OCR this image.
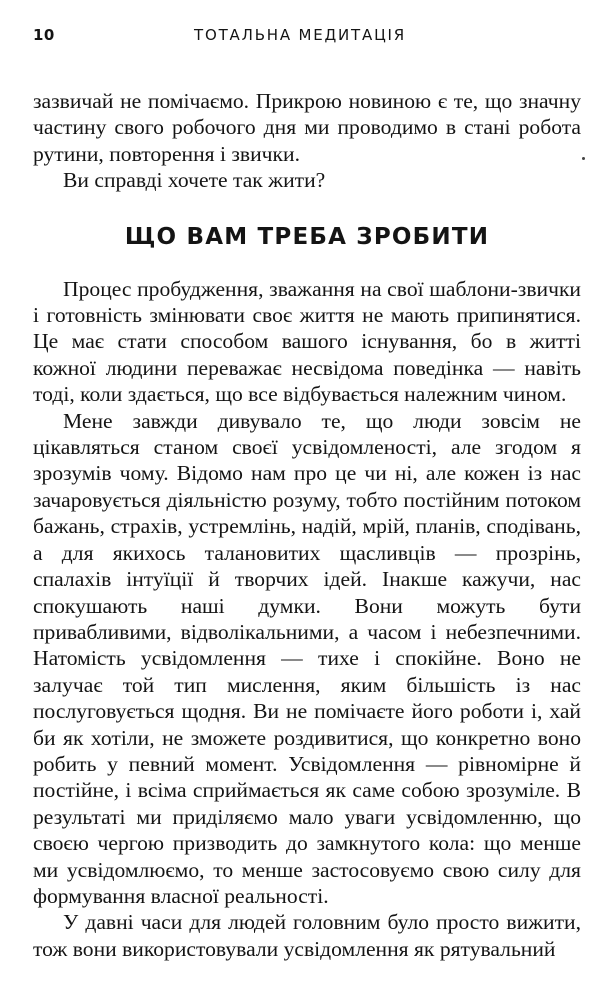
10	ТОТАЛЬНА МЕДИТАЦІЯ

зазвичай не помічаємо. Прикрою новиною є те, що значну частину свого робочого дня ми проводимо в стані робота рутини, повторення і звички.

Ви справді хочете так жити?

ЩО ВАМ ТРЕБА ЗРОБИТИ

Процес пробудження, зважання на свої шаблони-звички і готовність змінювати своє життя не мають припинятися. Це має стати способом вашого існування, бо в житті кожної людини переважає несвідома поведінка — навіть тоді, коли здається, що все відбувається належним чином.

Мене завжди дивувало те, що люди зовсім не цікавляться станом своєї усвідомленості, але згодом я зрозумів чому. Відомо нам про це чи ні, але кожен із нас зачаровується діяльністю розуму, тобто постійним потоком бажань, страхів, устремлінь, надій, мрій, планів, сподівань, а для якихось талановитих щасливців — прозрінь, спалахів інтуїції й творчих ідей. Інакше кажучи, нас спокушають наші думки. Вони можуть бути привабливими, відволікальними, а часом і небезпечними. Натомість усвідомлення — тихе і спокійне. Воно не залучає той тип мислення, яким більшість із нас послуговується щодня. Ви не помічаєте його роботи і, хай би як хотіли, не зможете роздивитися, що конкретно воно робить у певний момент. Усвідомлення — рівномірне й постійне, і всіма сприймається як саме собою зрозуміле. В результаті ми приділяємо мало уваги усвідомленню, що своєю чергою призводить до замкнутого кола: що менше ми усвідомлюємо, то менше застосовуємо свою силу для формування власної реальності.

У давні часи для людей головним було просто вижити, тож вони використовували усвідомлення як рятувальний
